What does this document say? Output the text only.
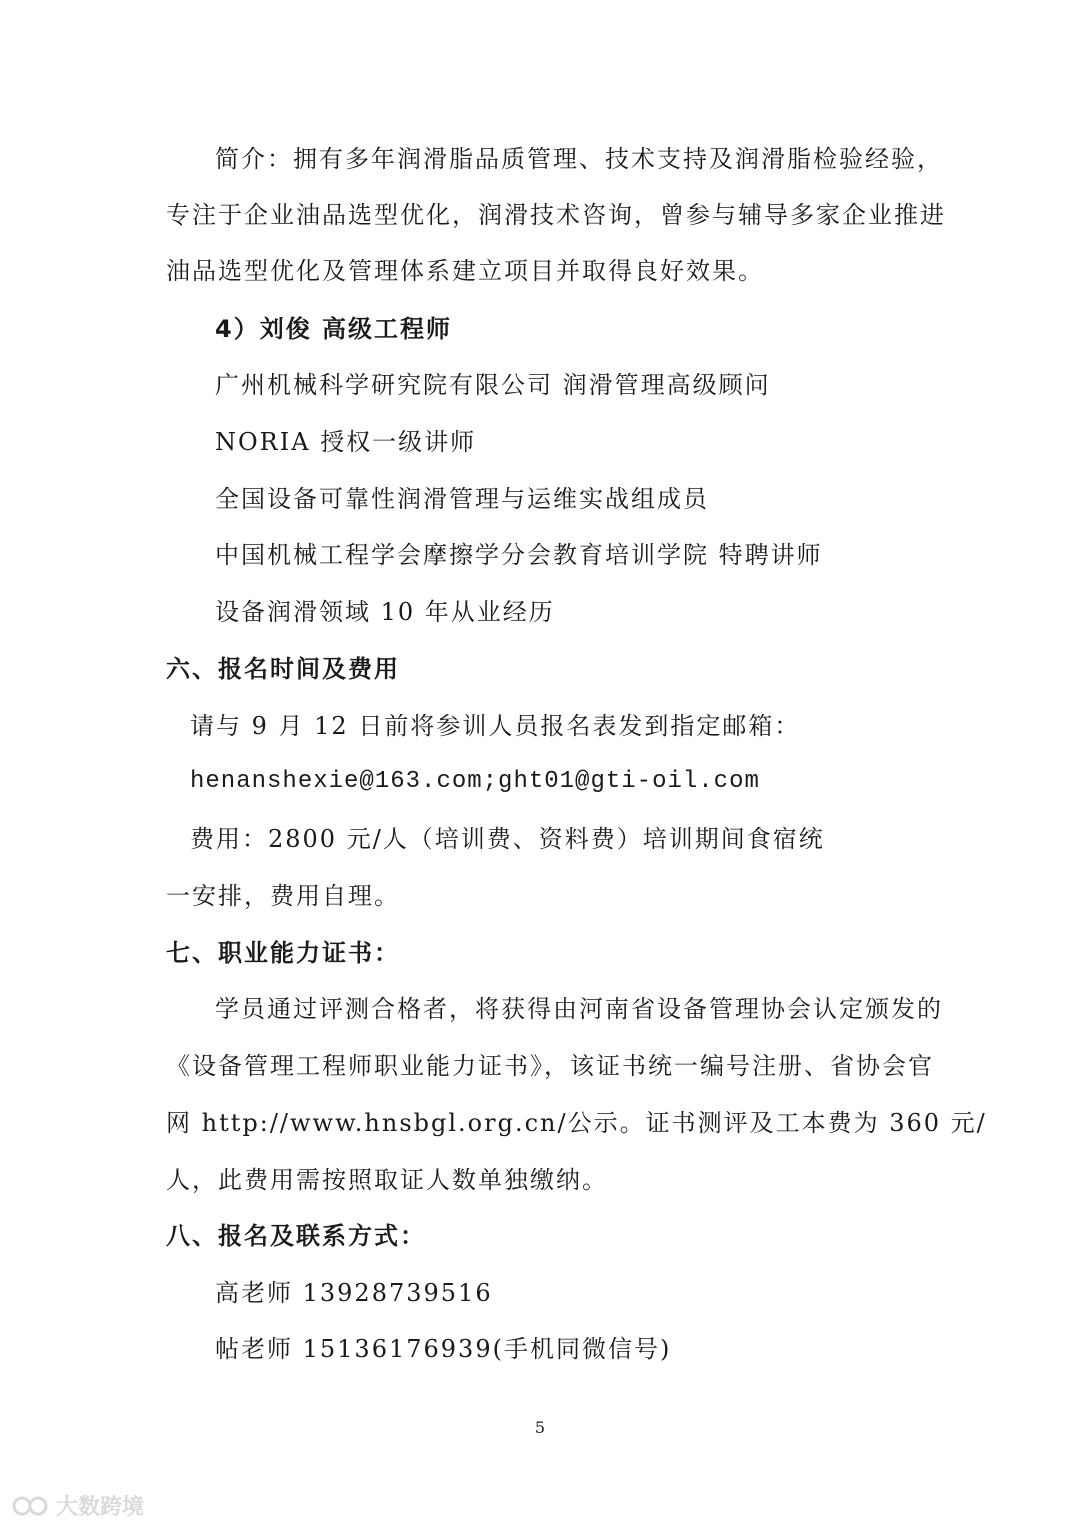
简介：拥有多年润滑脂品质管理、技术支持及润滑脂检验经验，
专注于企业油品选型优化，润滑技术咨询，曾参与辅导多家企业推进
油品选型优化及管理体系建立项目并取得良好效果。
4）刘俊 高级工程师
广州机械科学研究院有限公司 润滑管理高级顾问
NORIA 授权一级讲师
全国设备可靠性润滑管理与运维实战组成员
中国机械工程学会摩擦学分会教育培训学院 特聘讲师
设备润滑领域 10 年从业经历
六、报名时间及费用
请与 9 月 12 日前将参训人员报名表发到指定邮箱：
henanshexie@163.com;ght01@gti-oil.com
费用：2800 元/人（培训费、资料费）培训期间食宿统
一安排，费用自理。
七、职业能力证书：
学员通过评测合格者，将获得由河南省设备管理协会认定颁发的
《设备管理工程师职业能力证书》，该证书统一编号注册、省协会官
网 http://www.hnsbgl.org.cn/公示。证书测评及工本费为 360 元/
人，此费用需按照取证人数单独缴纳。
八、报名及联系方式：
高老师 13928739516
帖老师 15136176939(手机同微信号)
5
大数跨境
